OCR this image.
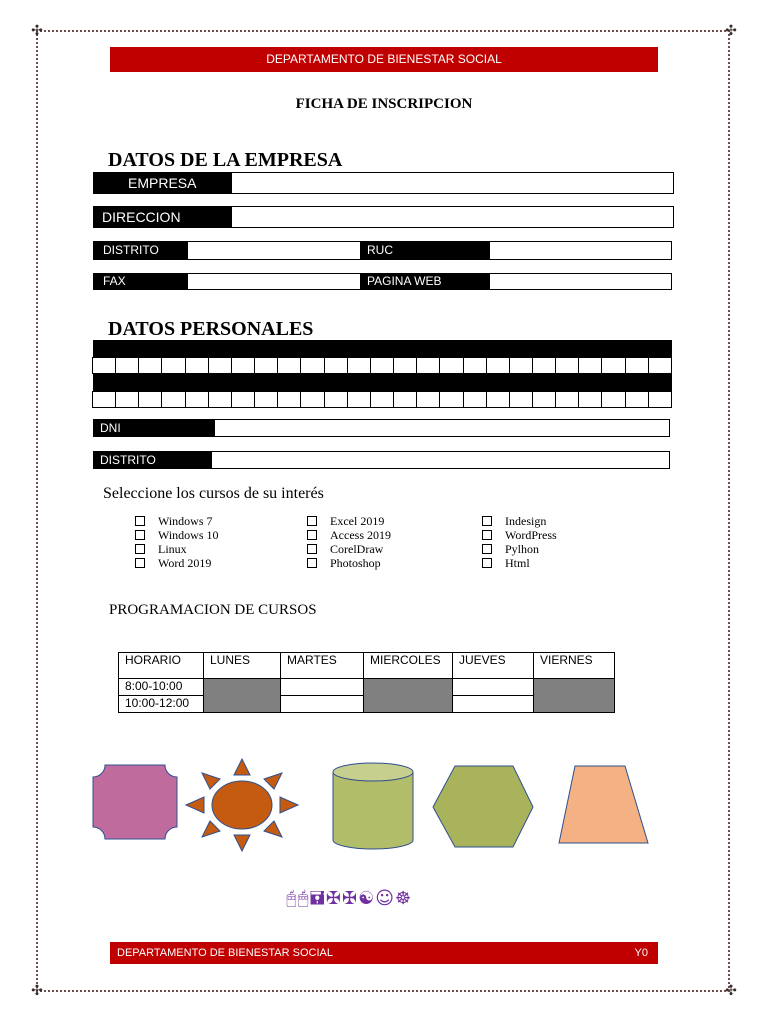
✣	✣
✣	✣
DEPARTAMENTO DE BIENESTAR SOCIAL
FICHA DE INSCRIPCION
DATOS DE LA EMPRESA
EMPRESA
DIRECCION
DISTRITO	RUC
FAX	PAGINA WEB
DATOS PERSONALES
DNI
DISTRITO
Seleccione los cursos de su interés
Windows 7
Windows 10
Linux
Word 2019
Excel 2019
Access 2019
CorelDraw
Photoshop
Indesign
WordPress
Pylhon
Html
PROGRAMACION DE CURSOS
HORARIO	LUNES	MARTES	MIERCOLES	JUEVES	VIERNES
8:00-10:00					
10:00-12:00					
🖰🖱🖬✠✠☯☺☸
DEPARTAMENTO DE BIENESTAR SOCIAL	Y0
